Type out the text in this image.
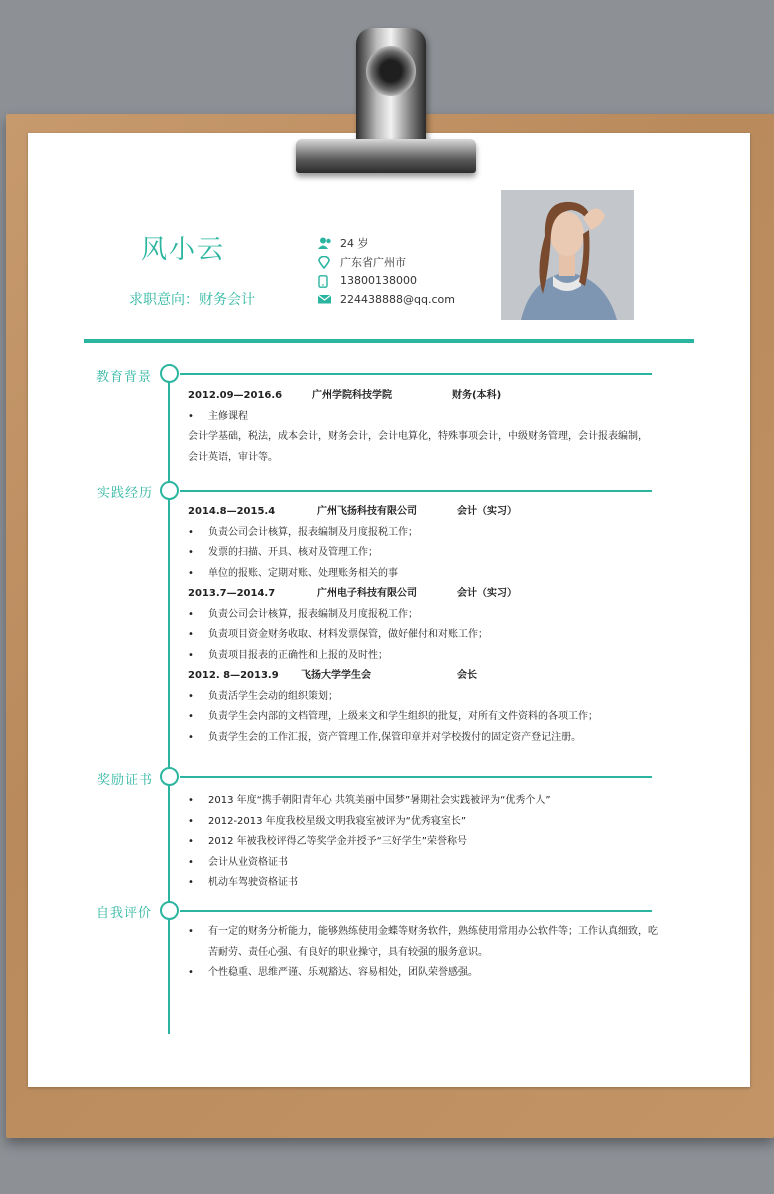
风小云
求职意向：财务会计
24 岁
广东省广州市
13800138000
224438888@qq.com
教育背景
2012.09—2016.6	广州学院科技学院	财务(本科)
•	主修课程
会计学基础，税法，成本会计，财务会计，会计电算化，特殊事项会计，中级财务管理，会计报表编制，
会计英语，审计等。
实践经历
2014.8—2015.4	广州飞扬科技有限公司	会计（实习）
•	负责公司会计核算，报表编制及月度报税工作；
•	发票的扫描、开具、核对及管理工作；
•	单位的报账、定期对账、处理账务相关的事
2013.7—2014.7	广州电子科技有限公司	会计（实习）
•	负责公司会计核算，报表编制及月度报税工作；
•	负责项目资金财务收取、材料发票保管，做好催付和对账工作；
•	负责项目报表的正确性和上报的及时性；
2012. 8—2013.9	飞扬大学学生会	会长
•	负责活学生会动的组织策划；
•	负责学生会内部的文档管理，上级来文和学生组织的批复，对所有文件资料的各项工作；
•	负责学生会的工作汇报，资产管理工作,保管印章并对学校拨付的固定资产登记注册。
奖励证书
•	2013 年度“携手朝阳青年心 共筑美丽中国梦”暑期社会实践被评为“优秀个人”
•	2012-2013 年度我校星级文明我寝室被评为“优秀寝室长”
•	2012 年被我校评得乙等奖学金并授予“三好学生”荣誉称号
•	会计从业资格证书
•	机动车驾驶资格证书
自我评价
•	有一定的财务分析能力，能够熟练使用金蝶等财务软件，熟练使用常用办公软件等；工作认真细致，吃
苦耐劳、责任心强、有良好的职业操守，具有较强的服务意识。
•	个性稳重、思维严谨、乐观豁达、容易相处，团队荣誉感强。
